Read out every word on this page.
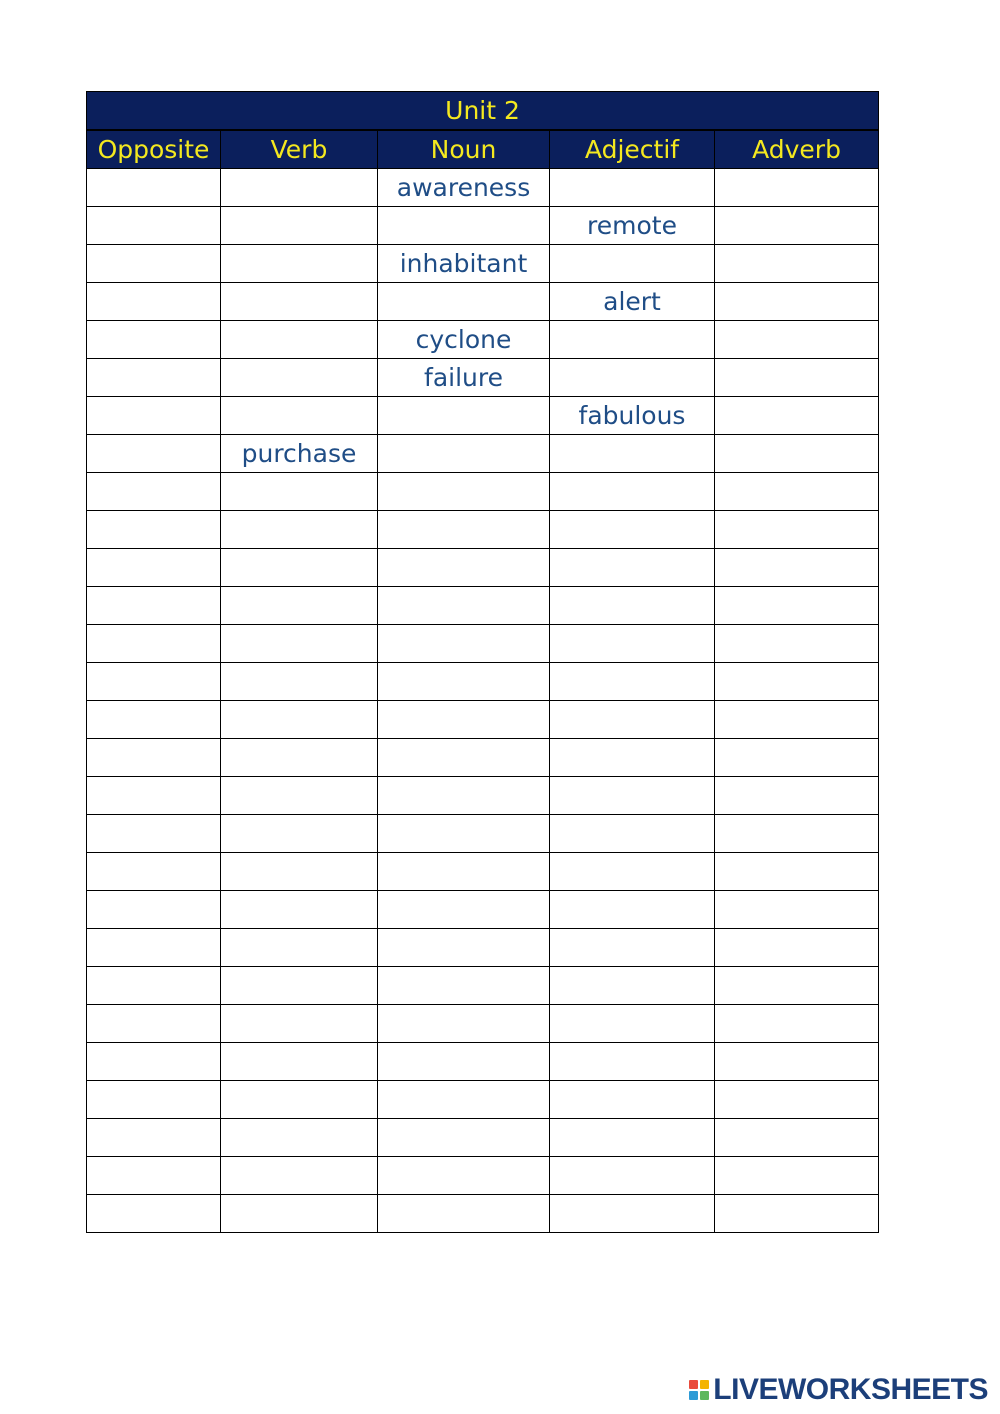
Unit 2				
Opposite	Verb	Noun	Adjectif	Adverb
		awareness		
			remote	
		inhabitant		
			alert	
		cyclone		
		failure		
			fabulous	
	purchase			

LIVEWORKSHEETS
